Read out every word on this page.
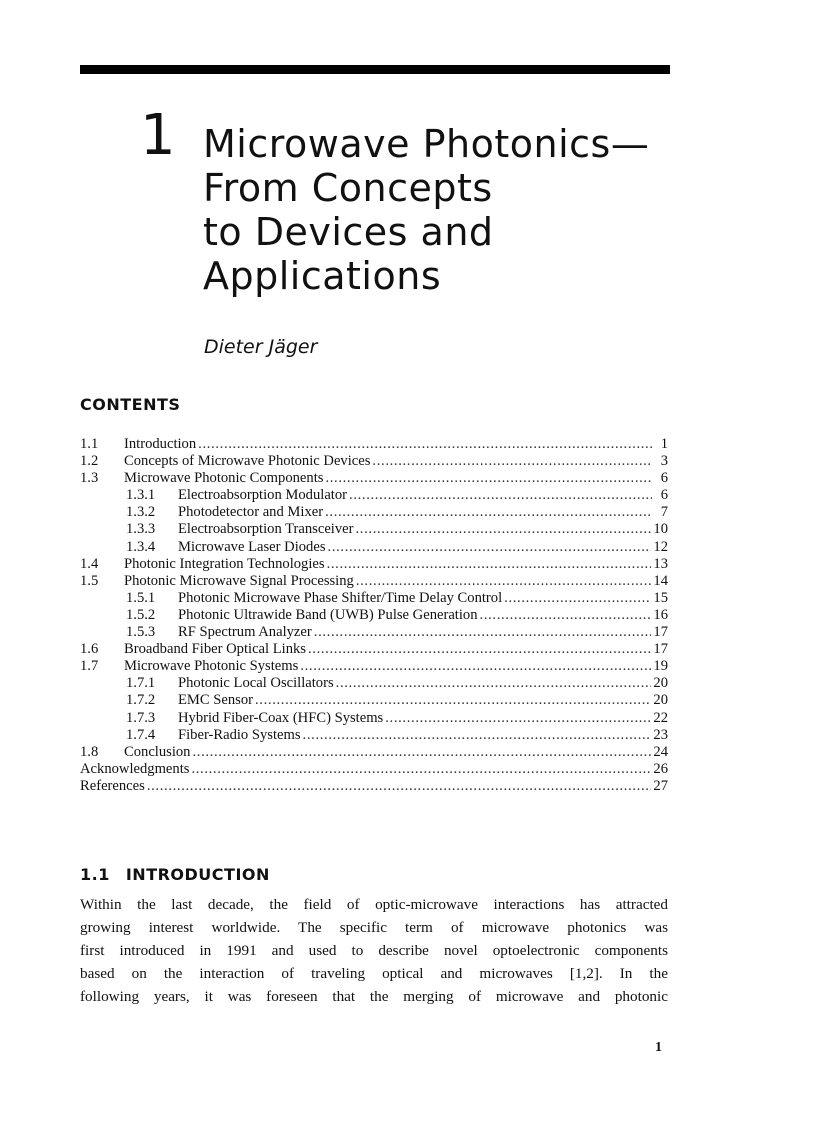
1 Microwave Photonics—
From Concepts
to Devices and
Applications
Dieter Jäger
CONTENTS
1.1	Introduction . . .	1
1.2	Concepts of Microwave Photonic Devices . . .	3
1.3	Microwave Photonic Components . . .	6
1.3.1	Electroabsorption Modulator . . .	6
1.3.2	Photodetector and Mixer . . .	7
1.3.3	Electroabsorption Transceiver . . .	10
1.3.4	Microwave Laser Diodes . . .	12
1.4	Photonic Integration Technologies . . .	13
1.5	Photonic Microwave Signal Processing . . .	14
1.5.1	Photonic Microwave Phase Shifter/Time Delay Control . . .	15
1.5.2	Photonic Ultrawide Band (UWB) Pulse Generation . . .	16
1.5.3	RF Spectrum Analyzer . . .	17
1.6	Broadband Fiber Optical Links . . .	17
1.7	Microwave Photonic Systems . . .	19
1.7.1	Photonic Local Oscillators . . .	20
1.7.2	EMC Sensor . . .	20
1.7.3	Hybrid Fiber-Coax (HFC) Systems . . .	22
1.7.4	Fiber-Radio Systems . . .	23
1.8	Conclusion . . .	24
Acknowledgments . . .	26
References . . .	27
1.1 INTRODUCTION
Within the last decade, the field of optic-microwave interactions has attracted
growing interest worldwide. The specific term of microwave photonics was
first introduced in 1991 and used to describe novel optoelectronic components
based on the interaction of traveling optical and microwaves [1,2]. In the
following years, it was foreseen that the merging of microwave and photonic
1
